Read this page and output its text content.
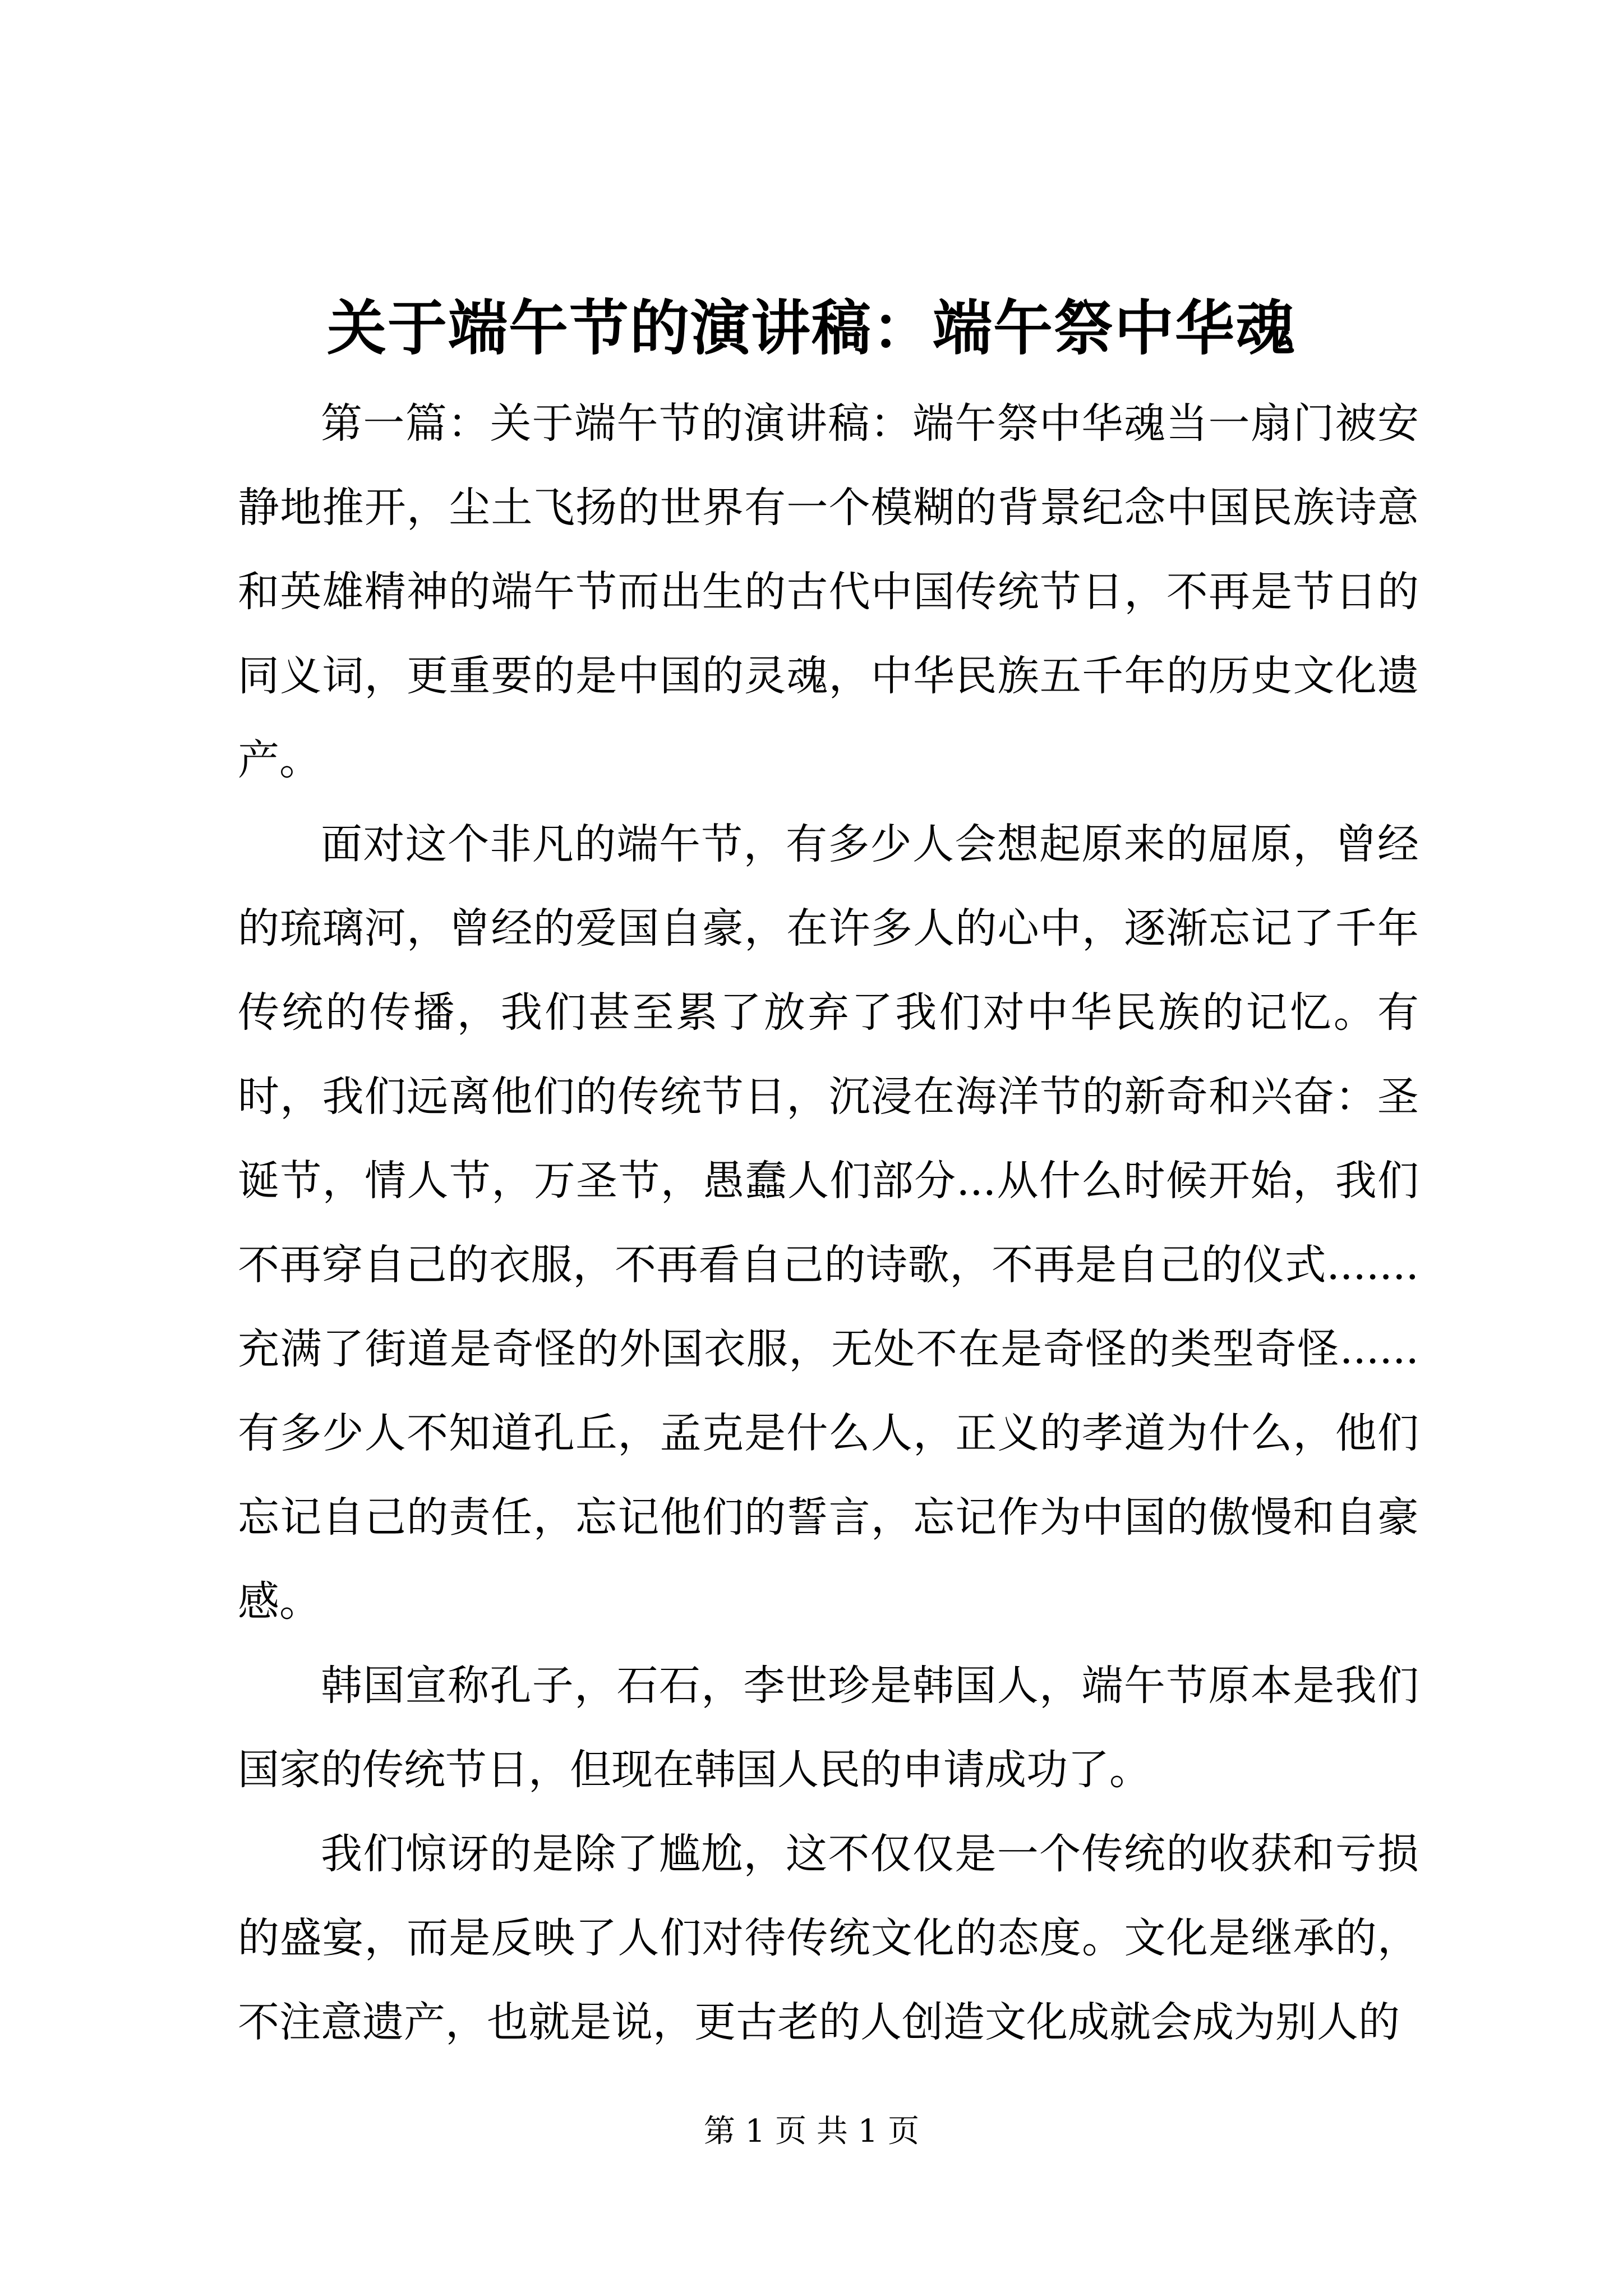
关于端午节的演讲稿：端午祭中华魂

第一篇：关于端午节的演讲稿：端午祭中华魂当一扇门被安静地推开，尘土飞扬的世界有一个模糊的背景纪念中国民族诗意和英雄精神的端午节而出生的古代中国传统节日，不再是节日的同义词，更重要的是中国的灵魂，中华民族五千年的历史文化遗产。

面对这个非凡的端午节，有多少人会想起原来的屈原，曾经的琉璃河，曾经的爱国自豪，在许多人的心中，逐渐忘记了千年传统的传播，我们甚至累了放弃了我们对中华民族的记忆。有时，我们远离他们的传统节日，沉浸在海洋节的新奇和兴奋：圣诞节，情人节，万圣节，愚蠢人们部分...从什么时候开始，我们不再穿自己的衣服，不再看自己的诗歌，不再是自己的仪式.......充满了街道是奇怪的外国衣服，无处不在是奇怪的类型奇怪......有多少人不知道孔丘，孟克是什么人，正义的孝道为什么，他们忘记自己的责任，忘记他们的誓言，忘记作为中国的傲慢和自豪感。

韩国宣称孔子，石石，李世珍是韩国人，端午节原本是我们国家的传统节日，但现在韩国人民的申请成功了。

我们惊讶的是除了尴尬，这不仅仅是一个传统的收获和亏损的盛宴，而是反映了人们对待传统文化的态度。文化是继承的，不注意遗产，也就是说，更古老的人创造文化成就会成为别人的

第 1 页 共 1 页
